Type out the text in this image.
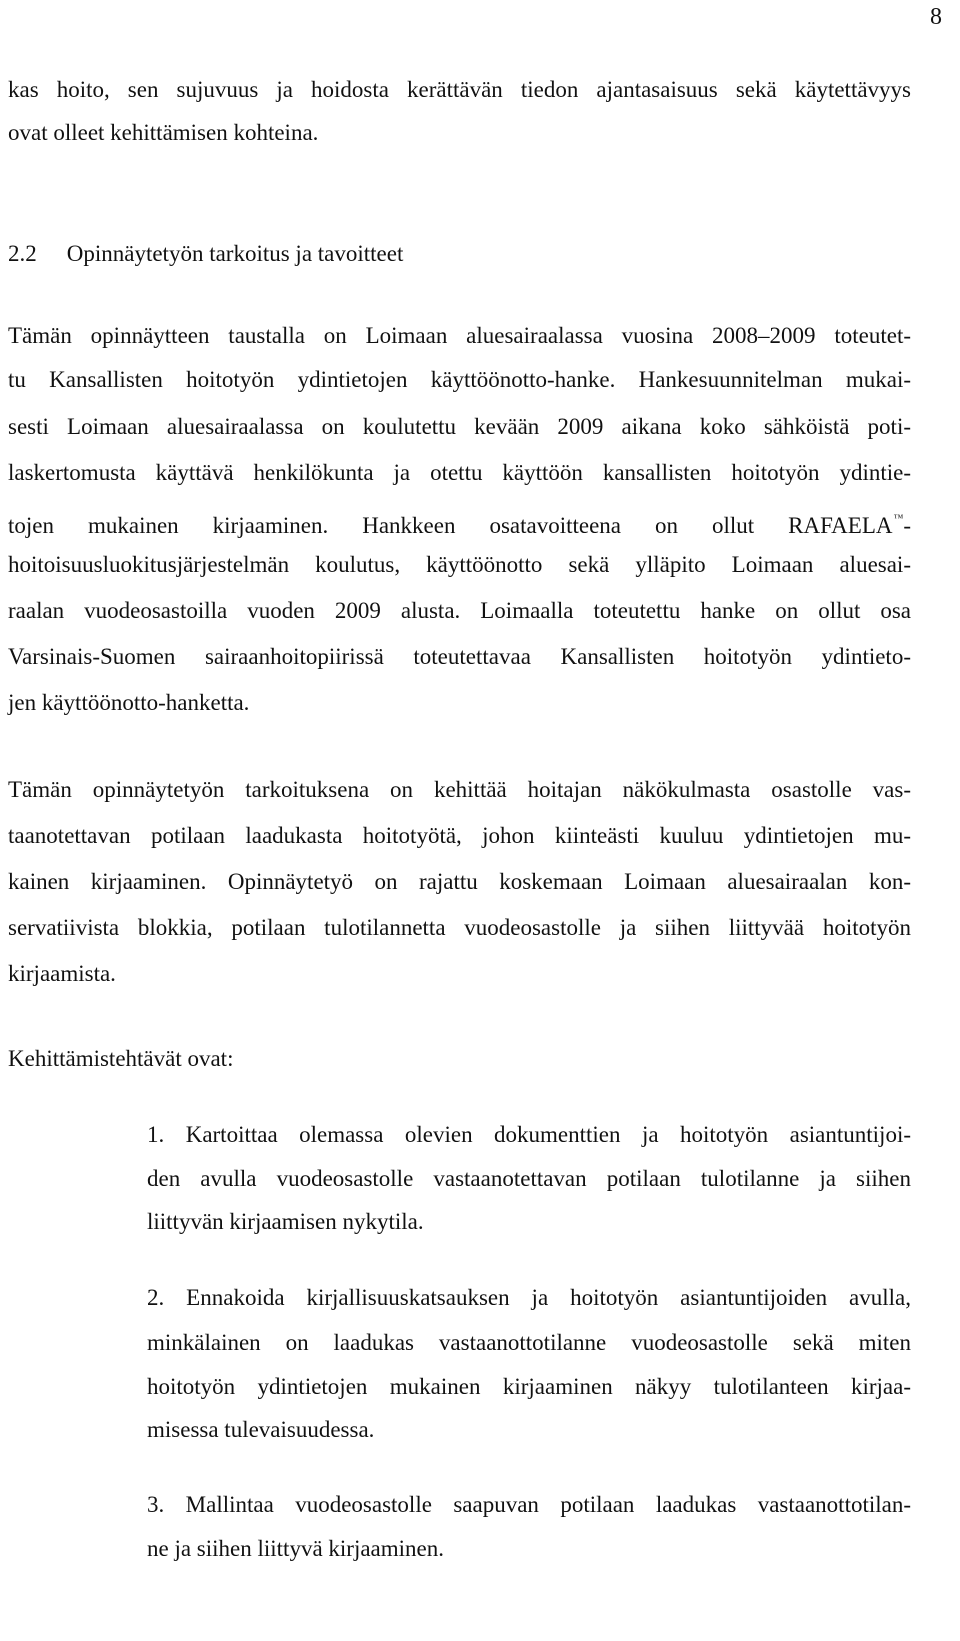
8
kas hoito, sen sujuvuus ja hoidosta kerättävän tiedon ajantasaisuus sekä käytettävyys
ovat olleet kehittämisen kohteina.
2.2 Opinnäytetyön tarkoitus ja tavoitteet
Tämän opinnäytteen taustalla on Loimaan aluesairaalassa vuosina 2008–2009 toteutet-
tu Kansallisten hoitotyön ydintietojen käyttöönotto-hanke. Hankesuunnitelman mukai-
sesti Loimaan aluesairaalassa on koulutettu kevään 2009 aikana koko sähköistä poti-
laskertomusta käyttävä henkilökunta ja otettu käyttöön kansallisten hoitotyön ydintie-
tojen mukainen kirjaaminen. Hankkeen osatavoitteena on ollut RAFAELA™-
hoitoisuusluokitusjärjestelmän koulutus, käyttöönotto sekä ylläpito Loimaan aluesai-
raalan vuodeosastoilla vuoden 2009 alusta. Loimaalla toteutettu hanke on ollut osa
Varsinais-Suomen sairaanhoitopiirissä toteutettavaa Kansallisten hoitotyön ydintieto-
jen käyttöönotto-hanketta.
Tämän opinnäytetyön tarkoituksena on kehittää hoitajan näkökulmasta osastolle vas-
taanotettavan potilaan laadukasta hoitotyötä, johon kiinteästi kuuluu ydintietojen mu-
kainen kirjaaminen. Opinnäytetyö on rajattu koskemaan Loimaan aluesairaalan kon-
servatiivista blokkia, potilaan tulotilannetta vuodeosastolle ja siihen liittyvää hoitotyön
kirjaamista.
Kehittämistehtävät ovat:
1. Kartoittaa olemassa olevien dokumenttien ja hoitotyön asiantuntijoi-
den avulla vuodeosastolle vastaanotettavan potilaan tulotilanne ja siihen
liittyvän kirjaamisen nykytila.
2. Ennakoida kirjallisuuskatsauksen ja hoitotyön asiantuntijoiden avulla,
minkälainen on laadukas vastaanottotilanne vuodeosastolle sekä miten
hoitotyön ydintietojen mukainen kirjaaminen näkyy tulotilanteen kirjaa-
misessa tulevaisuudessa.
3. Mallintaa vuodeosastolle saapuvan potilaan laadukas vastaanottotilan-
ne ja siihen liittyvä kirjaaminen.
